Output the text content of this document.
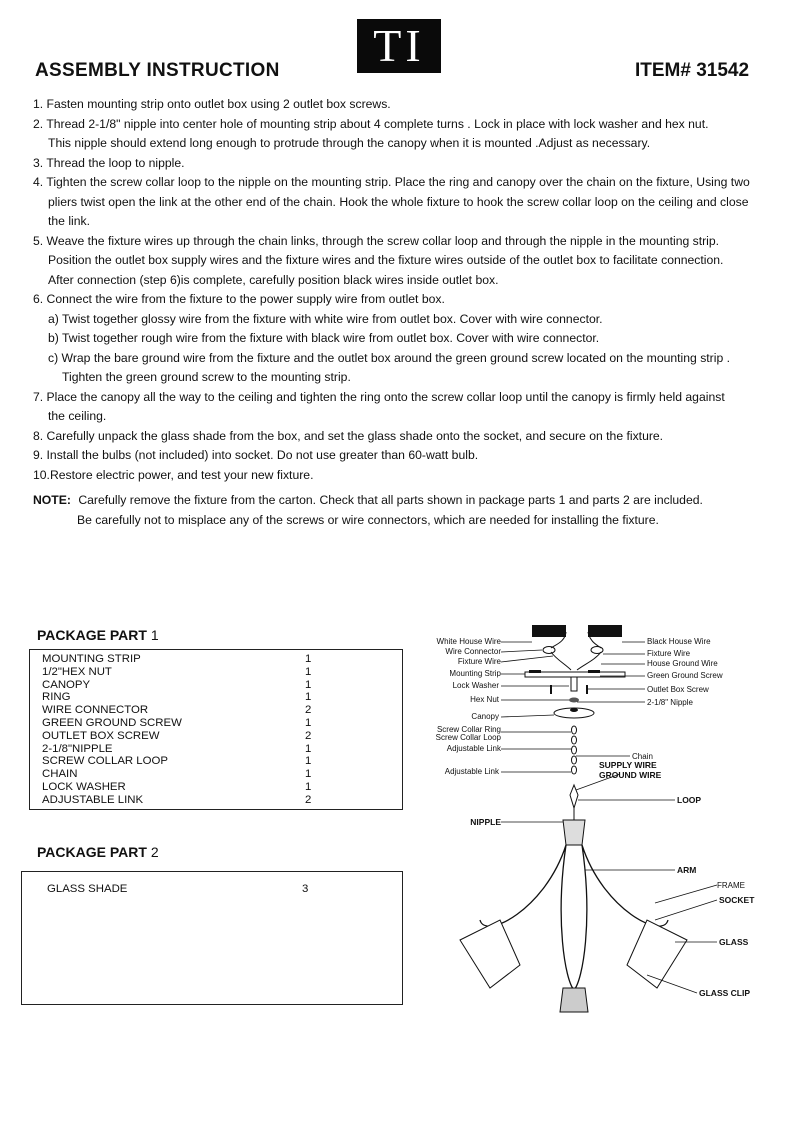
TI
ASSEMBLY INSTRUCTION	ITEM# 31542
1. Fasten mounting strip onto outlet box using 2 outlet box screws.
2. Thread 2-1/8" nipple into center hole of mounting strip about 4 complete turns . Lock in place with lock washer and hex nut.
This nipple should extend long enough to protrude through the canopy when it is mounted .Adjust as necessary.
3. Thread the loop to nipple.
4. Tighten the screw collar loop to the nipple on the mounting strip. Place the ring and canopy over the chain on the fixture, Using two
pliers twist open the link at the other end of the chain. Hook the whole fixture to hook the screw collar loop on the ceiling and close
the link.
5. Weave the fixture wires up through the chain links, through the screw collar loop and through the nipple in the mounting strip.
Position the outlet box supply wires and the fixture wires and the fixture wires outside of the outlet box to facilitate connection.
After connection (step 6)is complete, carefully position black wires inside outlet box.
6. Connect the wire from the fixture to the power supply wire from outlet box.
a) Twist together glossy wire from the fixture with white wire from outlet box. Cover with wire connector.
b) Twist together rough wire from the fixture with black wire from outlet box. Cover with wire connector.
c) Wrap the bare ground wire from the fixture and the outlet box around the green ground screw located on the mounting strip .
Tighten the green ground screw to the mounting strip.
7. Place the canopy all the way to the ceiling and tighten the ring onto the screw collar loop until the canopy is firmly held against
the ceiling.
8. Carefully unpack the glass shade from the box, and set the glass shade onto the socket, and secure on the fixture.
9. Install the bulbs (not included) into socket. Do not use greater than 60-watt bulb.
10.Restore electric power, and test your new fixture.
NOTE: Carefully remove the fixture from the carton. Check that all parts shown in package parts 1 and parts 2 are included.
Be carefully not to misplace any of the screws or wire connectors, which are needed for installing the fixture.
PACKAGE PART 1
MOUNTING STRIP	1
1/2"HEX NUT	1
CANOPY	1
RING	1
WIRE CONNECTOR	2
GREEN GROUND SCREW	1
OUTLET BOX SCREW	2
2-1/8"NIPPLE	1
SCREW COLLAR LOOP	1
CHAIN	1
LOCK WASHER	1
ADJUSTABLE LINK	2
PACKAGE PART 2
GLASS SHADE	3
White House Wire
Wire Connector
Fixture Wire
Mounting Strip
Lock Washer
Hex Nut
Canopy
Screw Collar Ring
Screw Collar Loop
Adjustable Link
Adjustable Link
NIPPLE
Black House Wire
Fixture Wire
House Ground Wire
Green Ground Screw
Outlet Box Screw
2-1/8" Nipple
Chain
SUPPLY WIRE
GROUND WIRE
LOOP
ARM
FRAME
SOCKET
GLASS
GLASS CLIP
